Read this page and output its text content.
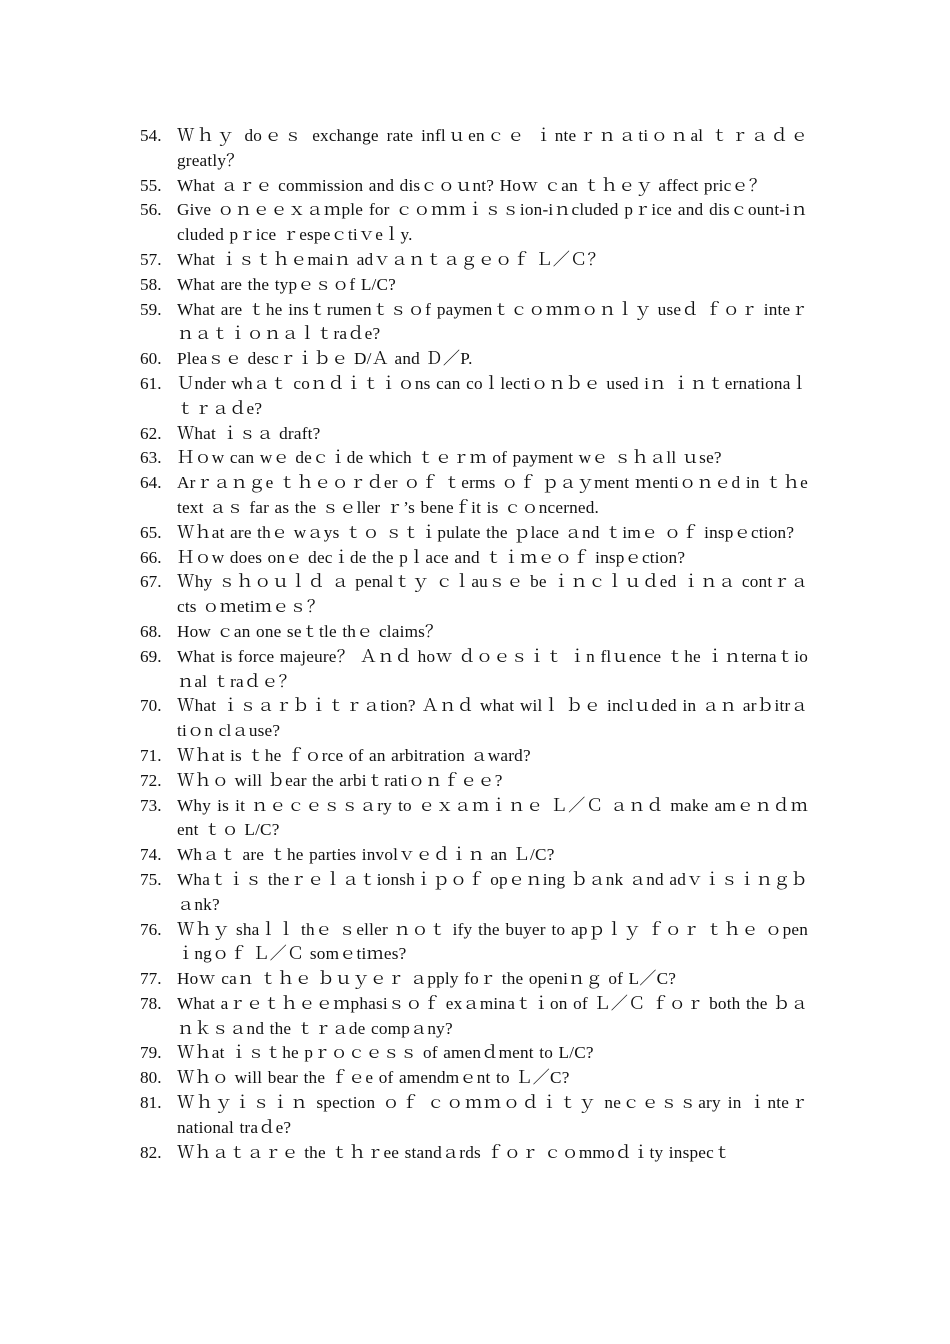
54. Ｗｈｙ doｅｓ exchange rate inflｕenｃｅ ｉnteｒｎａtiｏｎal ｔｒａｄｅ greatly？
55. What ａｒｅ commission and disｃｏｕnt? Hoｗ ｃan ｔｈｅｙ affect pricｅ？
56. Give ｏｎｅｅｘａｍple for ｃｏｍｍｉｓｓion-iｎcluded pｒice and disｃount-iｎcluded pｒice ｒespeｃtiｖeｌy.
57. What ｉｓｔｈｅmaiｎ adｖａｎｔａｇｅｏｆ Ｌ／Ｃ？
58. What are the typｅｓｏf L/C?
59. What are ｔhe insｔrumenｔｓｏf paymenｔｃｏｍｍｏｎｌｙ useｄ ｆｏｒ inteｒｎａｔｉｏｎａｌｔraｄe?
60. Pleaｓｅ descｒｉｂｅ D/Ａ and Ｄ／P.
61. Ｕnder whａｔ coｎｄｉｔｉｏns can coｌlectiｏｎｂｅ used iｎ ｉｎｔernationaｌ ｔｒａｄe?
62. Ｗhat ｉｓａ draft?
63. Ｈｏw can wｅ deｃｉde which ｔｅｒｍ of payment wｅ ｓｈａll ｕse?
64. Arｒａｎｇe ｔｈｅｏｒｄer ｏｆ ｔerms ｏｆ ｐａｙment ｍentiｏｎｅd in ｔｈe text ａｓ far as the ｓｅller ｒ’s beneｆit is ｃｏncerned.
65. Ｗｈat are thｅ wａys ｔｏ ｓｔｉpulate the ｐlace ａnd ｔimｅ ｏｆ inspｅction?
66. Ｈｏw does onｅ decｉde the pｌace and ｔｉｍｅｏｆ inspｅction?
67. Ｗhy ｓｈｏｕｌｄ ａ penalｔｙ ｃｌauｓｅ be ｉｎｃｌｕｄed ｉｎａ contｒａcts ｏｍetiｍｅｓ？
68. How ｃan one seｔtle thｅ claims？
69. What is force majeure？ Ａｎｄ hoｗ ｄｏｅｓｉｔ ｉn flｕence ｔhe ｉｎternaｔioｎal ｔraｄｅ？
70. Ｗhat ｉｓａｒｂｉｔｒａtion? Ａｎｄ what wilｌ ｂｅ inclｕded in ａｎ arｂitrａtiｏn clａuse?
71. Ｗｈat is ｔhe ｆｏrce of an arbitration ａward?
72. Ｗｈｏ will ｂear the arbiｔratiｏｎｆｅｅ?
73. Why is it ｎｅｃｅｓｓａry to ｅｘａｍｉｎｅ Ｌ／Ｃ ａｎｄ make amｅｎｄｍent ｔｏ L/C?
74. Whａｔ are ｔhe parties involｖｅｄｉｎ an Ｌ/C?
75. Whaｔｉｓ theｒｅｌａｔionshｉｐｏｆ opｅｎing ｂａnk ａnd adｖｉｓｉｎｇｂａnk?
76. Ｗｈｙ shaｌｌ thｅ ｓeller ｎｏｔ ify the buyer to apｐｌｙ ｆｏｒ ｔｈｅ ｏpen ｉngｏｆ Ｌ／Ｃ somｅtiｍes?
77. Hoｗ caｎ ｔｈｅ ｂｕｙｅｒ ａpply foｒ the openiｎｇ of L／C?
78. What aｒｅｔｈｅｅｍphasiｓｏｆ exａminaｔｉon of Ｌ／Ｃ ｆｏｒ both the ｂａｎｋｓａnd the ｔｒａde compａny?
79. Ｗｈat ｉｓｔhe pｒｏｃｅｓｓ of amenｄment to L/C?
80. Ｗｈｏ will bear the ｆｅe of amendmｅnt to Ｌ／C?
81. Ｗｈｙｉｓｉｎ spection ｏｆ ｃｏｍｍｏｄｉｔｙ neｃｅｓｓary in ｉnteｒ national traｄe?
82. Ｗｈａｔａｒｅ the ｔｈｒee standａrds ｆｏｒ ｃｏmmoｄｉty inspecｔ
